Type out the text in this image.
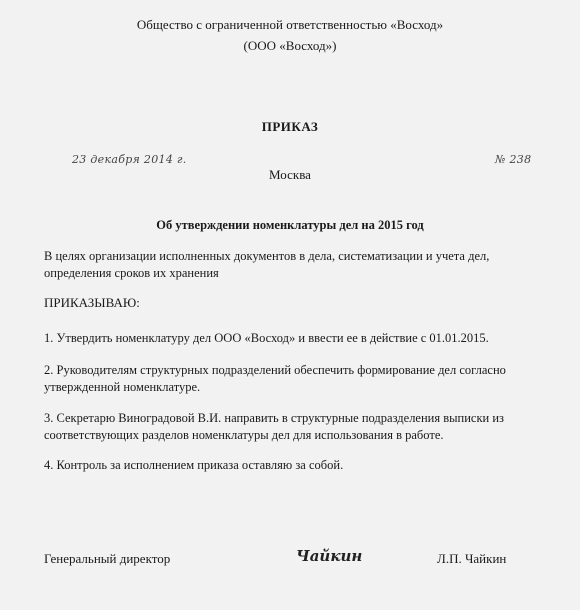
Общество с ограниченной ответственностью «Восход»
(ООО «Восход»)
ПРИКАЗ
23 декабря 2014 г.	№ 238
Москва
Об утверждении номенклатуры дел на 2015 год
В целях организации исполненных документов в дела, систематизации и учета дел, определения сроков их хранения
ПРИКАЗЫВАЮ:
1. Утвердить номенклатуру дел ООО «Восход» и ввести ее в действие с 01.01.2015.
2. Руководителям структурных подразделений обеспечить формирование дел согласно утвержденной номенклатуре.
3. Секретарю Виноградовой В.И. направить в структурные подразделения выписки из соответствующих разделов номенклатуры дел для использования в работе.
4. Контроль за исполнением приказа оставляю за собой.
Генеральный директор	Чайкин	Л.П. Чайкин
